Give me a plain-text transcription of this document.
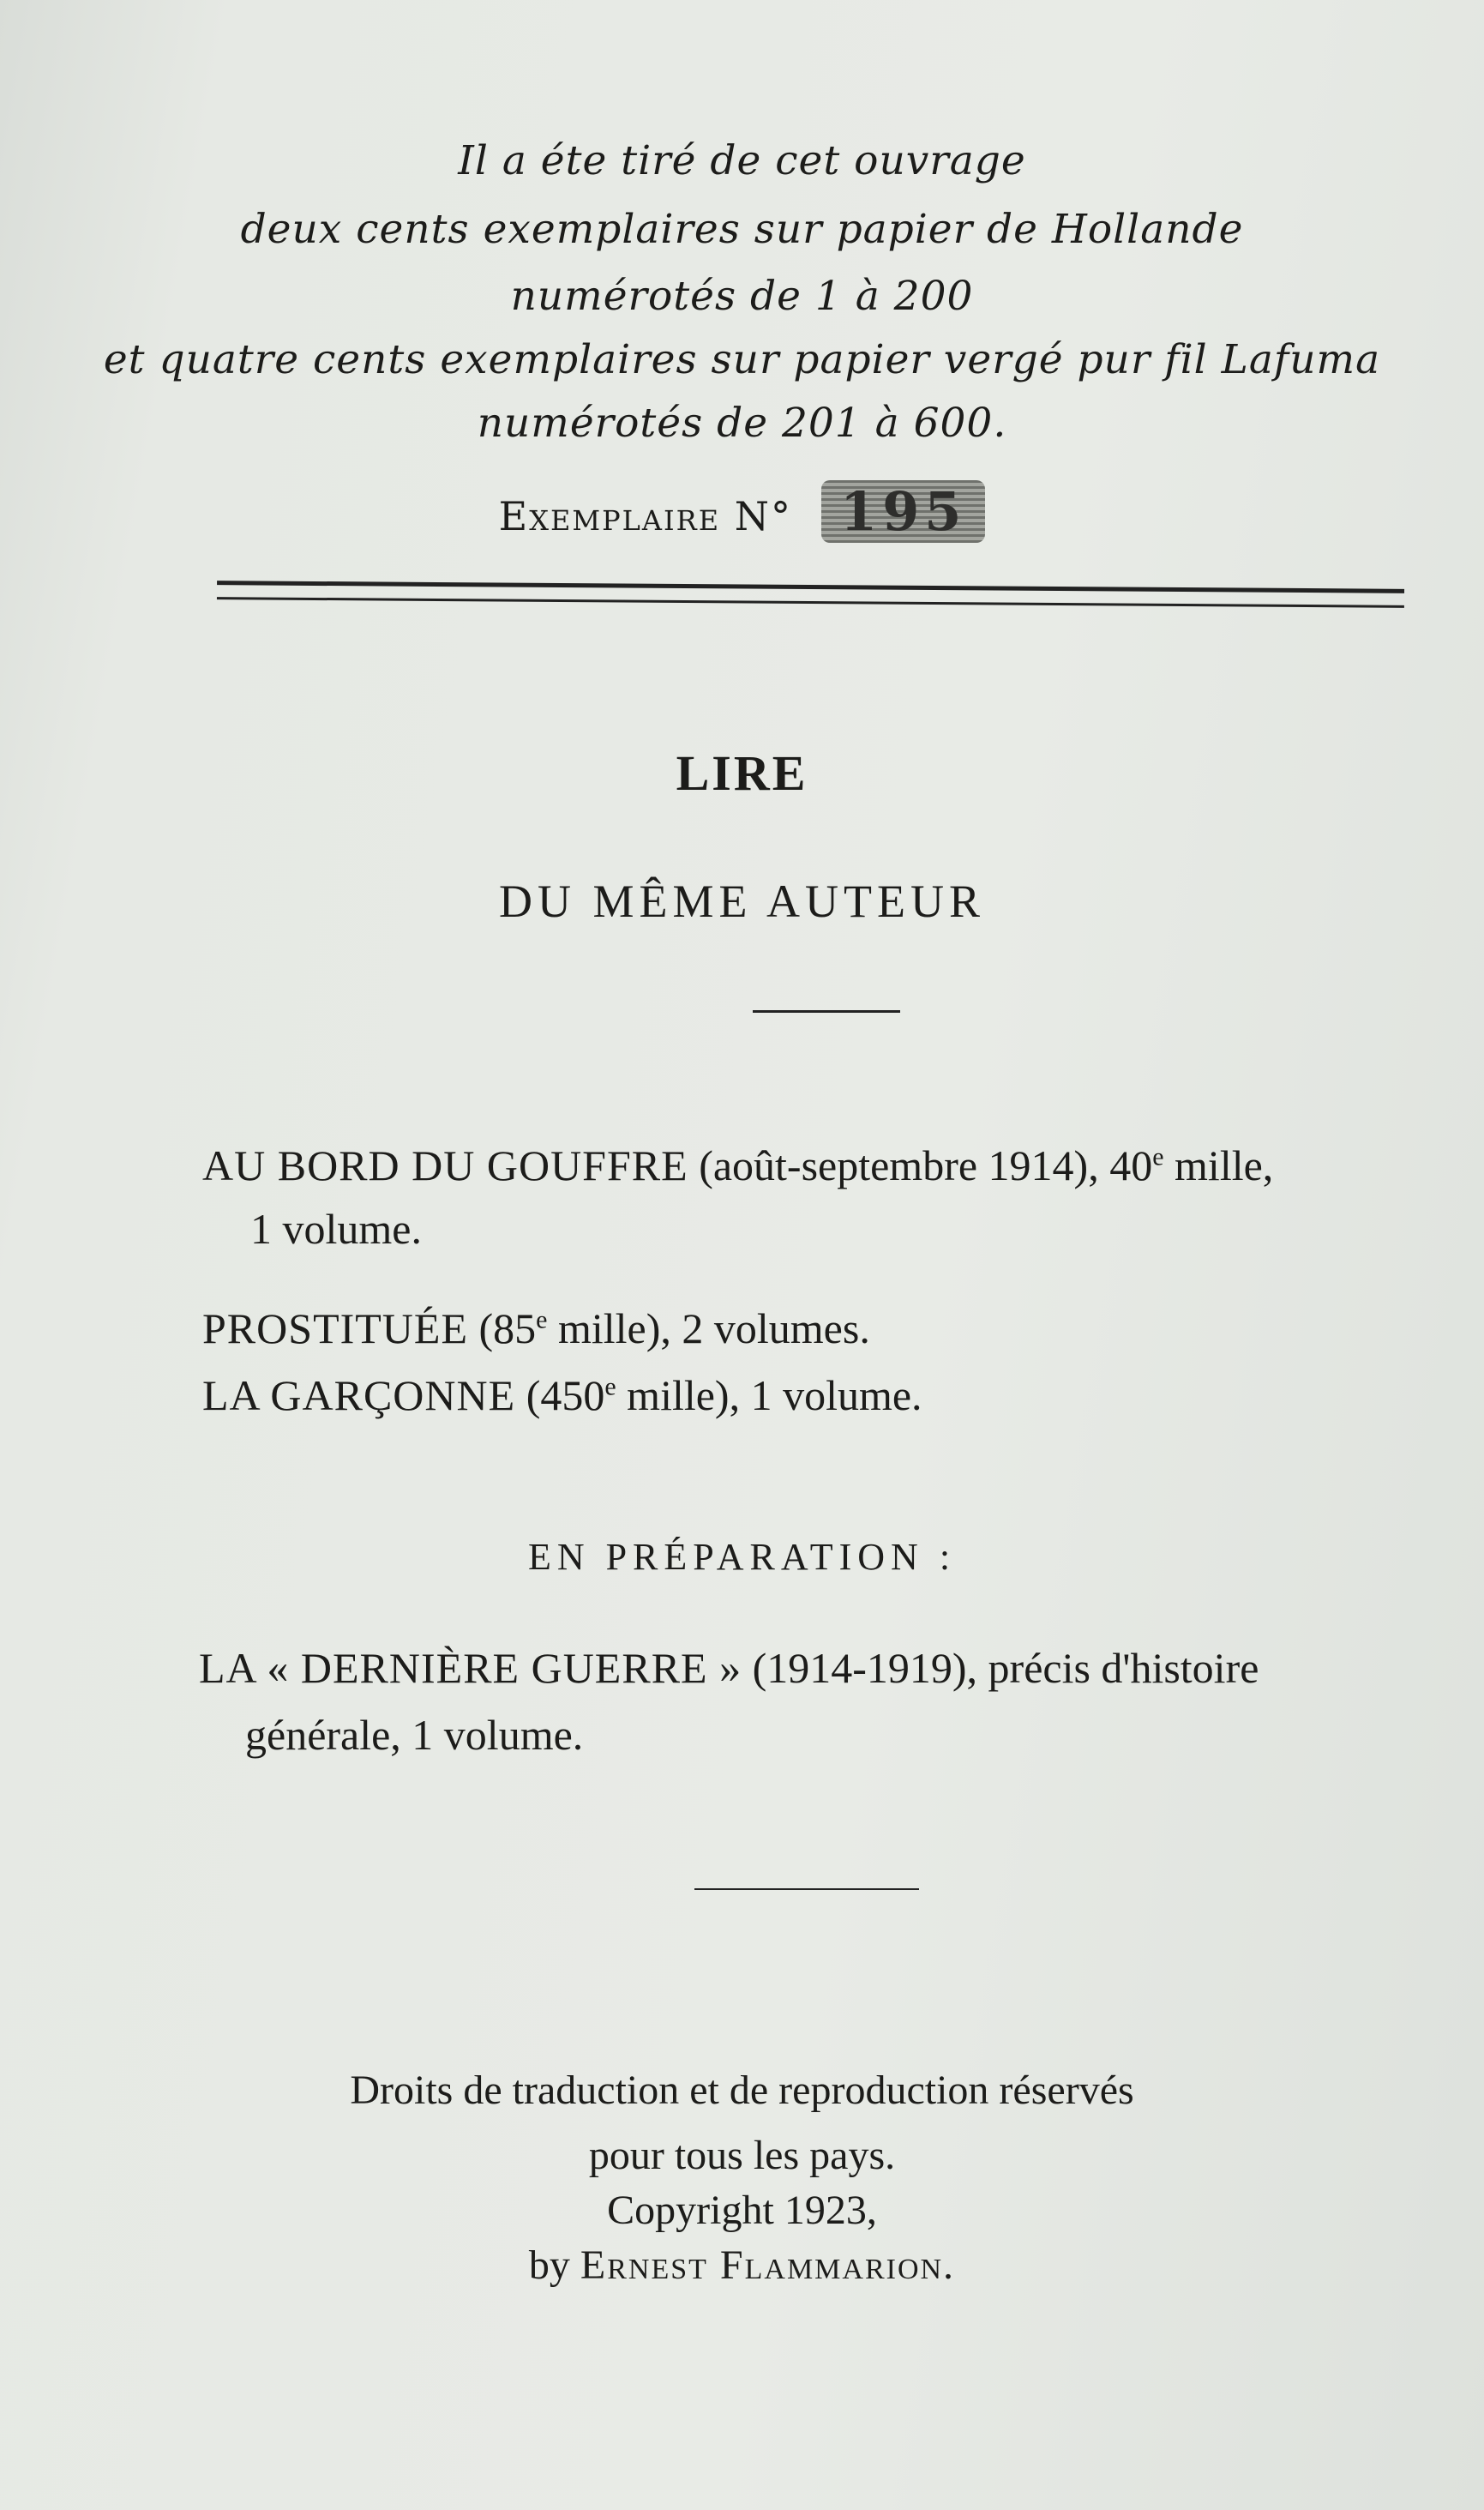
Il a éte tiré de cet ouvrage
deux cents exemplaires sur papier de Hollande
numérotés de 1 à 200
et quatre cents exemplaires sur papier vergé pur fil Lafuma
numérotés de 201 à 600.
Exemplaire N° 195
LIRE
DU MÊME AUTEUR
AU BORD DU GOUFFRE (août-septembre 1914), 40e mille,
1 volume.
PROSTITUÉE (85e mille), 2 volumes.
LA GARÇONNE (450e mille), 1 volume.
EN PRÉPARATION :
LA « DERNIÈRE GUERRE » (1914-1919), précis d'histoire
générale, 1 volume.
Droits de traduction et de reproduction réservés
pour tous les pays.
Copyright 1923,
by Ernest Flammarion.
